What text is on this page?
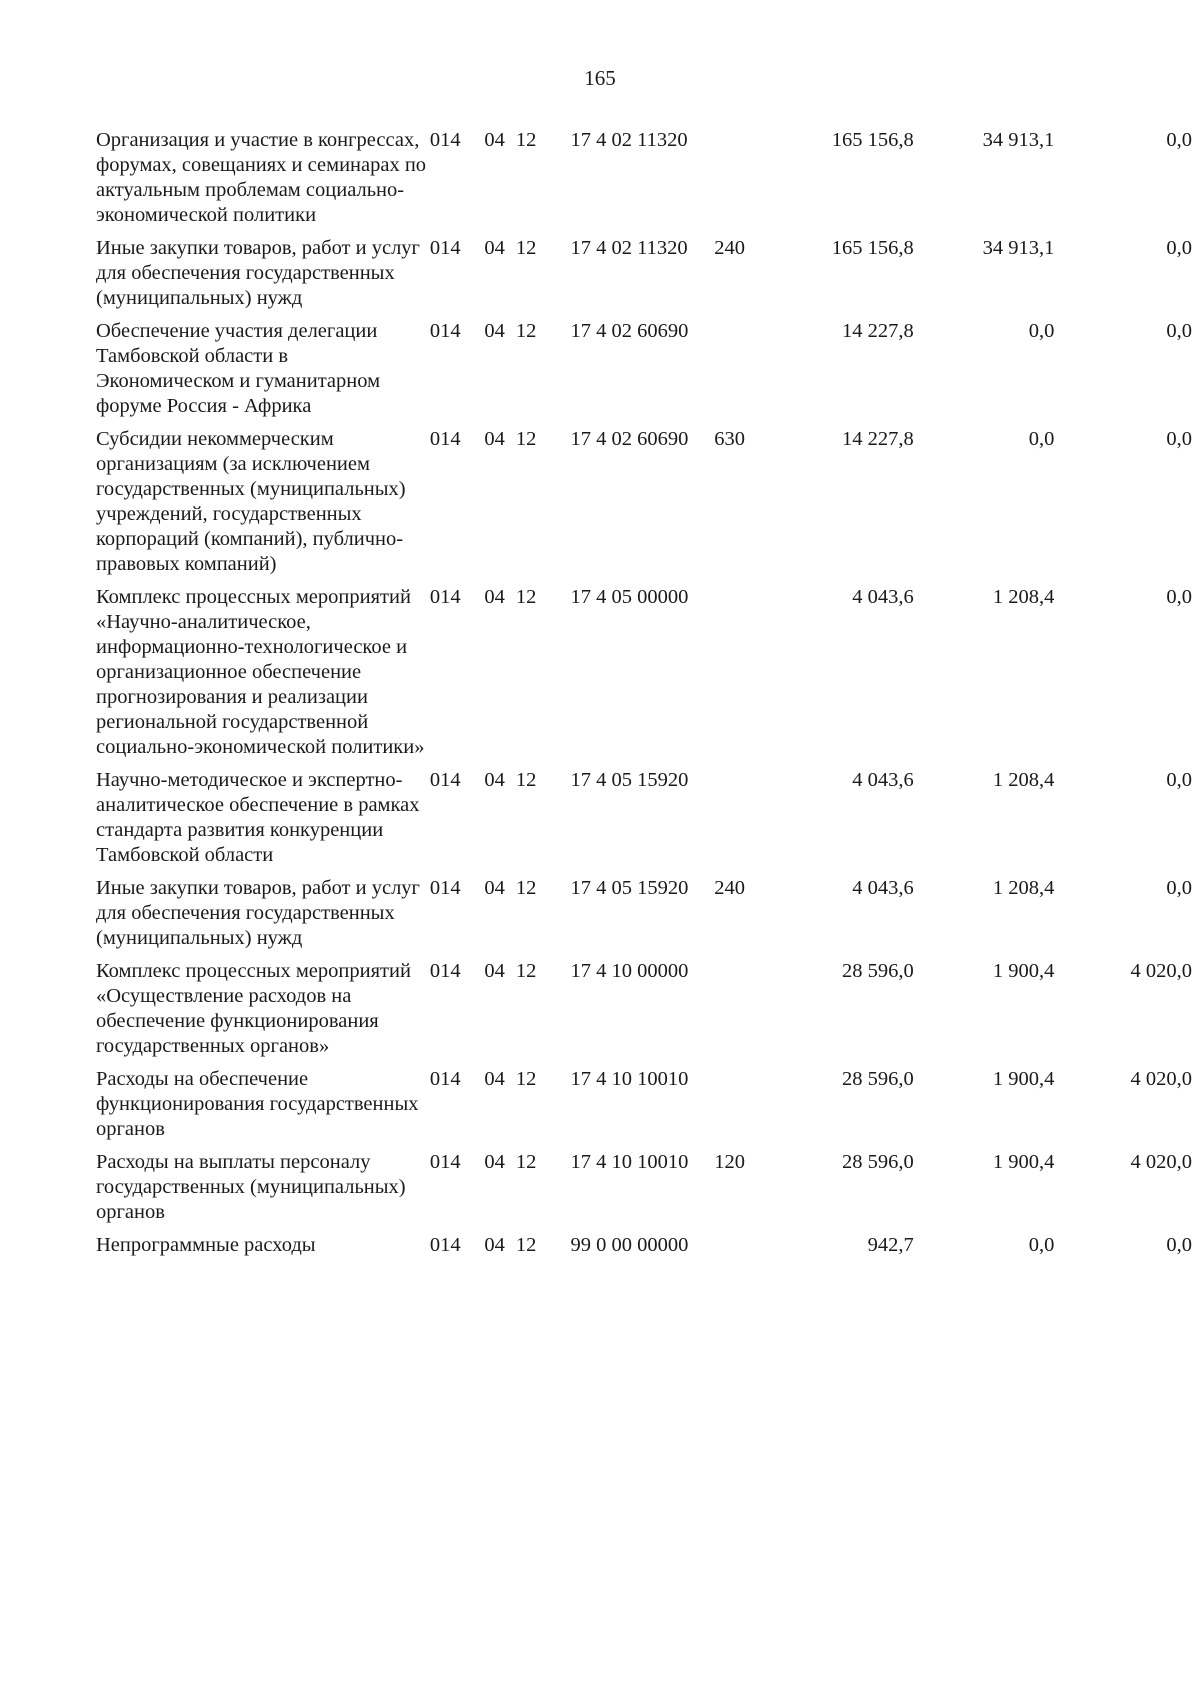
165
Организация и участие в конгрессах, форумах, совещаниях и семинарах по актуальным проблемам социально-экономической политики	014	04	12	17 4 02 11320		165 156,8	34 913,1	0,0
Иные закупки товаров, работ и услуг для обеспечения государственных (муниципальных) нужд	014	04	12	17 4 02 11320	240	165 156,8	34 913,1	0,0
Обеспечение участия делегации Тамбовской области в Экономическом и гуманитарном форуме Россия - Африка	014	04	12	17 4 02 60690		14 227,8	0,0	0,0
Субсидии некоммерческим организациям (за исключением государственных (муниципальных) учреждений, государственных корпораций (компаний), публично-правовых компаний)	014	04	12	17 4 02 60690	630	14 227,8	0,0	0,0
Комплекс процессных мероприятий «Научно-аналитическое, информационно-технологическое и организационное обеспечение прогнозирования и реализации региональной государственной социально-экономической политики»	014	04	12	17 4 05 00000		4 043,6	1 208,4	0,0
Научно-методическое и экспертно-аналитическое обеспечение в рамках стандарта развития конкуренции Тамбовской области	014	04	12	17 4 05 15920		4 043,6	1 208,4	0,0
Иные закупки товаров, работ и услуг для обеспечения государственных (муниципальных) нужд	014	04	12	17 4 05 15920	240	4 043,6	1 208,4	0,0
Комплекс процессных мероприятий «Осуществление расходов на обеспечение функционирования государственных органов»	014	04	12	17 4 10 00000		28 596,0	1 900,4	4 020,0
Расходы на обеспечение функционирования государственных органов	014	04	12	17 4 10 10010		28 596,0	1 900,4	4 020,0
Расходы на выплаты персоналу государственных (муниципальных) органов	014	04	12	17 4 10 10010	120	28 596,0	1 900,4	4 020,0
Непрограммные расходы	014	04	12	99 0 00 00000		942,7	0,0	0,0
